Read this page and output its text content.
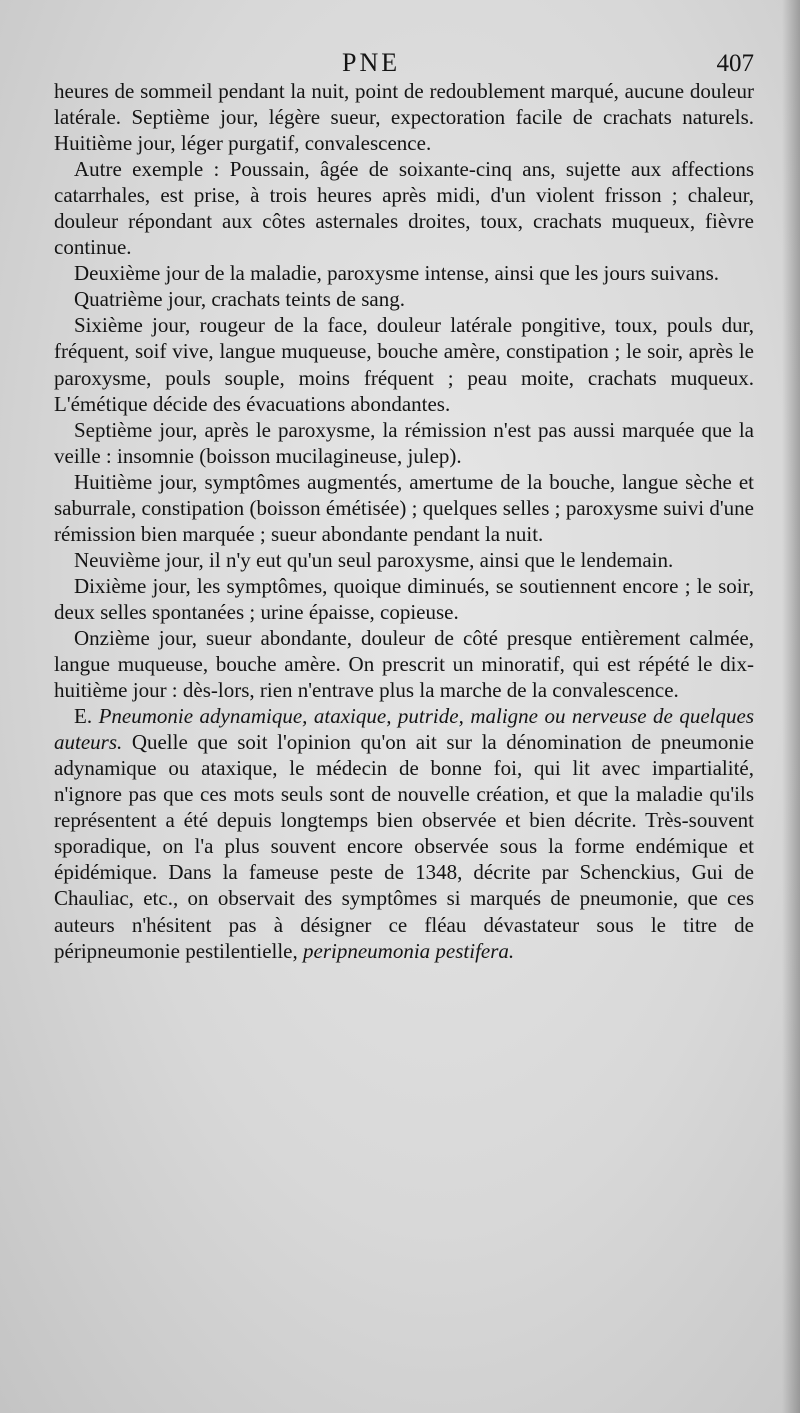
PNE	407

heures de sommeil pendant la nuit, point de redoublement marqué, aucune douleur latérale. Septième jour, légère sueur, expectoration facile de crachats naturels. Huitième jour, léger purgatif, convalescence.

Autre exemple : Poussain, âgée de soixante-cinq ans, sujette aux affections catarrhales, est prise, à trois heures après midi, d'un violent frisson ; chaleur, douleur répondant aux côtes asternales droites, toux, crachats muqueux, fièvre continue.

Deuxième jour de la maladie, paroxysme intense, ainsi que les jours suivans.

Quatrième jour, crachats teints de sang.

Sixième jour, rougeur de la face, douleur latérale pongitive, toux, pouls dur, fréquent, soif vive, langue muqueuse, bouche amère, constipation ; le soir, après le paroxysme, pouls souple, moins fréquent ; peau moite, crachats muqueux. L'émétique décide des évacuations abondantes.

Septième jour, après le paroxysme, la rémission n'est pas aussi marquée que la veille : insomnie (boisson mucilagineuse, julep).

Huitième jour, symptômes augmentés, amertume de la bouche, langue sèche et saburrale, constipation (boisson émétisée) ; quelques selles ; paroxysme suivi d'une rémission bien marquée ; sueur abondante pendant la nuit.

Neuvième jour, il n'y eut qu'un seul paroxysme, ainsi que le lendemain.

Dixième jour, les symptômes, quoique diminués, se soutiennent encore ; le soir, deux selles spontanées ; urine épaisse, copieuse.

Onzième jour, sueur abondante, douleur de côté presque entièrement calmée, langue muqueuse, bouche amère. On prescrit un minoratif, qui est répété le dix-huitième jour : dès-lors, rien n'entrave plus la marche de la convalescence.

E. Pneumonie adynamique, ataxique, putride, maligne ou nerveuse de quelques auteurs. Quelle que soit l'opinion qu'on ait sur la dénomination de pneumonie adynamique ou ataxique, le médecin de bonne foi, qui lit avec impartialité, n'ignore pas que ces mots seuls sont de nouvelle création, et que la maladie qu'ils représentent a été depuis longtemps bien observée et bien décrite. Très-souvent sporadique, on l'a plus souvent encore observée sous la forme endémique et épidémique. Dans la fameuse peste de 1348, décrite par Schenckius, Gui de Chauliac, etc., on observait des symptômes si marqués de pneumonie, que ces auteurs n'hésitent pas à désigner ce fléau dévastateur sous le titre de péripneumonie pestilentielle, peripneumonia pestifera.
